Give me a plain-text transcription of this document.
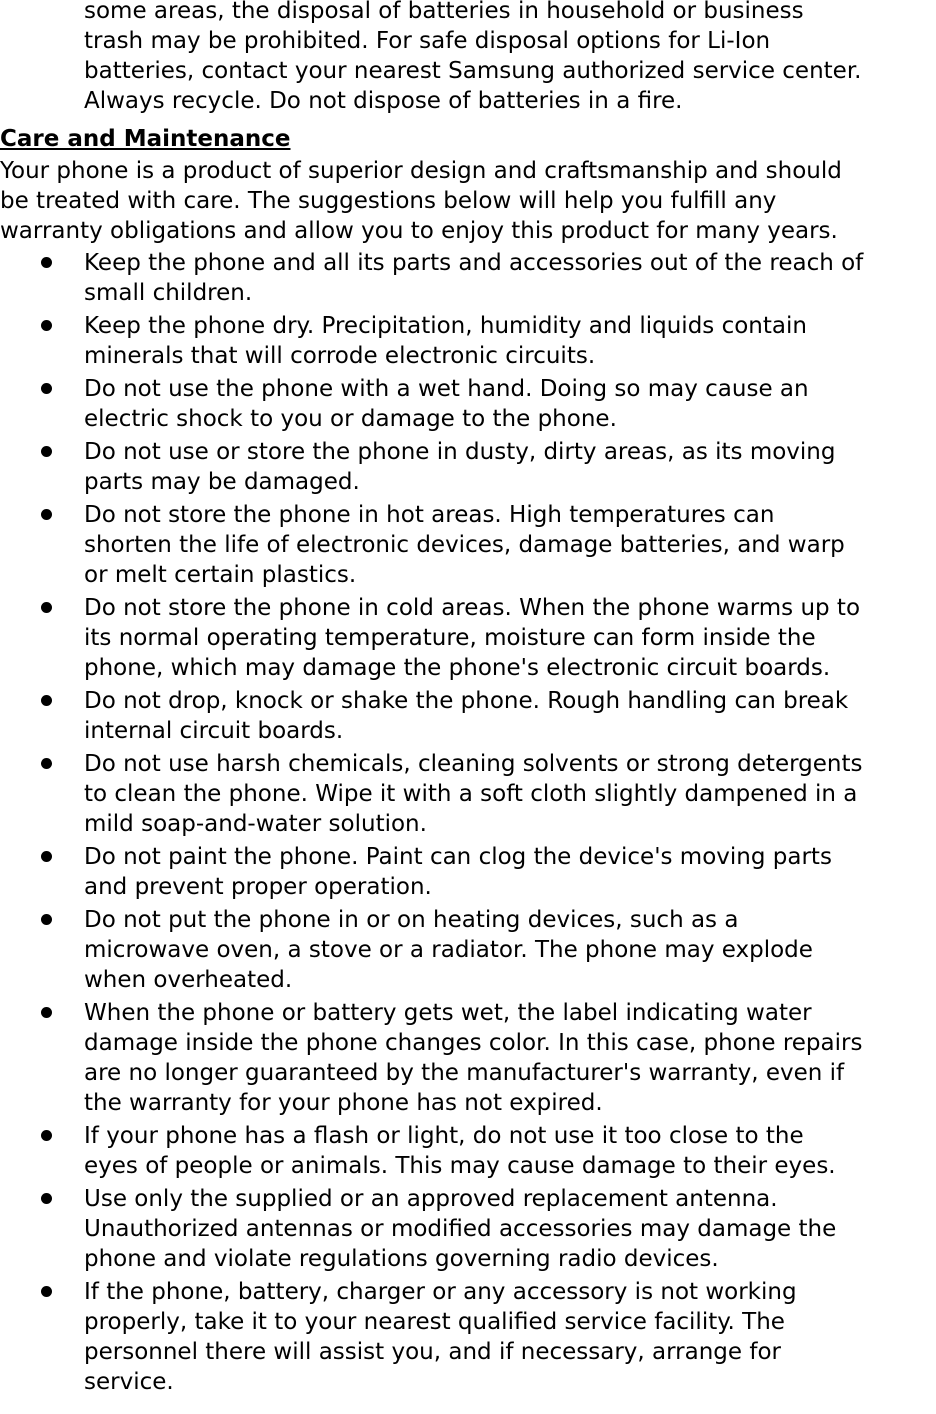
some areas, the disposal of batteries in household or business
trash may be prohibited. For safe disposal options for Li-Ion
batteries, contact your nearest Samsung authorized service center.
Always recycle. Do not dispose of batteries in a fire.

Care and Maintenance

Your phone is a product of superior design and craftsmanship and should
be treated with care. The suggestions below will help you fulfill any
warranty obligations and allow you to enjoy this product for many years.

Keep the phone and all its parts and accessories out of the reach of
small children.
Keep the phone dry. Precipitation, humidity and liquids contain
minerals that will corrode electronic circuits.
Do not use the phone with a wet hand. Doing so may cause an
electric shock to you or damage to the phone.
Do not use or store the phone in dusty, dirty areas, as its moving
parts may be damaged.
Do not store the phone in hot areas. High temperatures can
shorten the life of electronic devices, damage batteries, and warp
or melt certain plastics.
Do not store the phone in cold areas. When the phone warms up to
its normal operating temperature, moisture can form inside the
phone, which may damage the phone's electronic circuit boards.
Do not drop, knock or shake the phone. Rough handling can break
internal circuit boards.
Do not use harsh chemicals, cleaning solvents or strong detergents
to clean the phone. Wipe it with a soft cloth slightly dampened in a
mild soap-and-water solution.
Do not paint the phone. Paint can clog the device's moving parts
and prevent proper operation.
Do not put the phone in or on heating devices, such as a
microwave oven, a stove or a radiator. The phone may explode
when overheated.
When the phone or battery gets wet, the label indicating water
damage inside the phone changes color. In this case, phone repairs
are no longer guaranteed by the manufacturer's warranty, even if
the warranty for your phone has not expired.
If your phone has a flash or light, do not use it too close to the
eyes of people or animals. This may cause damage to their eyes.
Use only the supplied or an approved replacement antenna.
Unauthorized antennas or modified accessories may damage the
phone and violate regulations governing radio devices.
If the phone, battery, charger or any accessory is not working
properly, take it to your nearest qualified service facility. The
personnel there will assist you, and if necessary, arrange for
service.
